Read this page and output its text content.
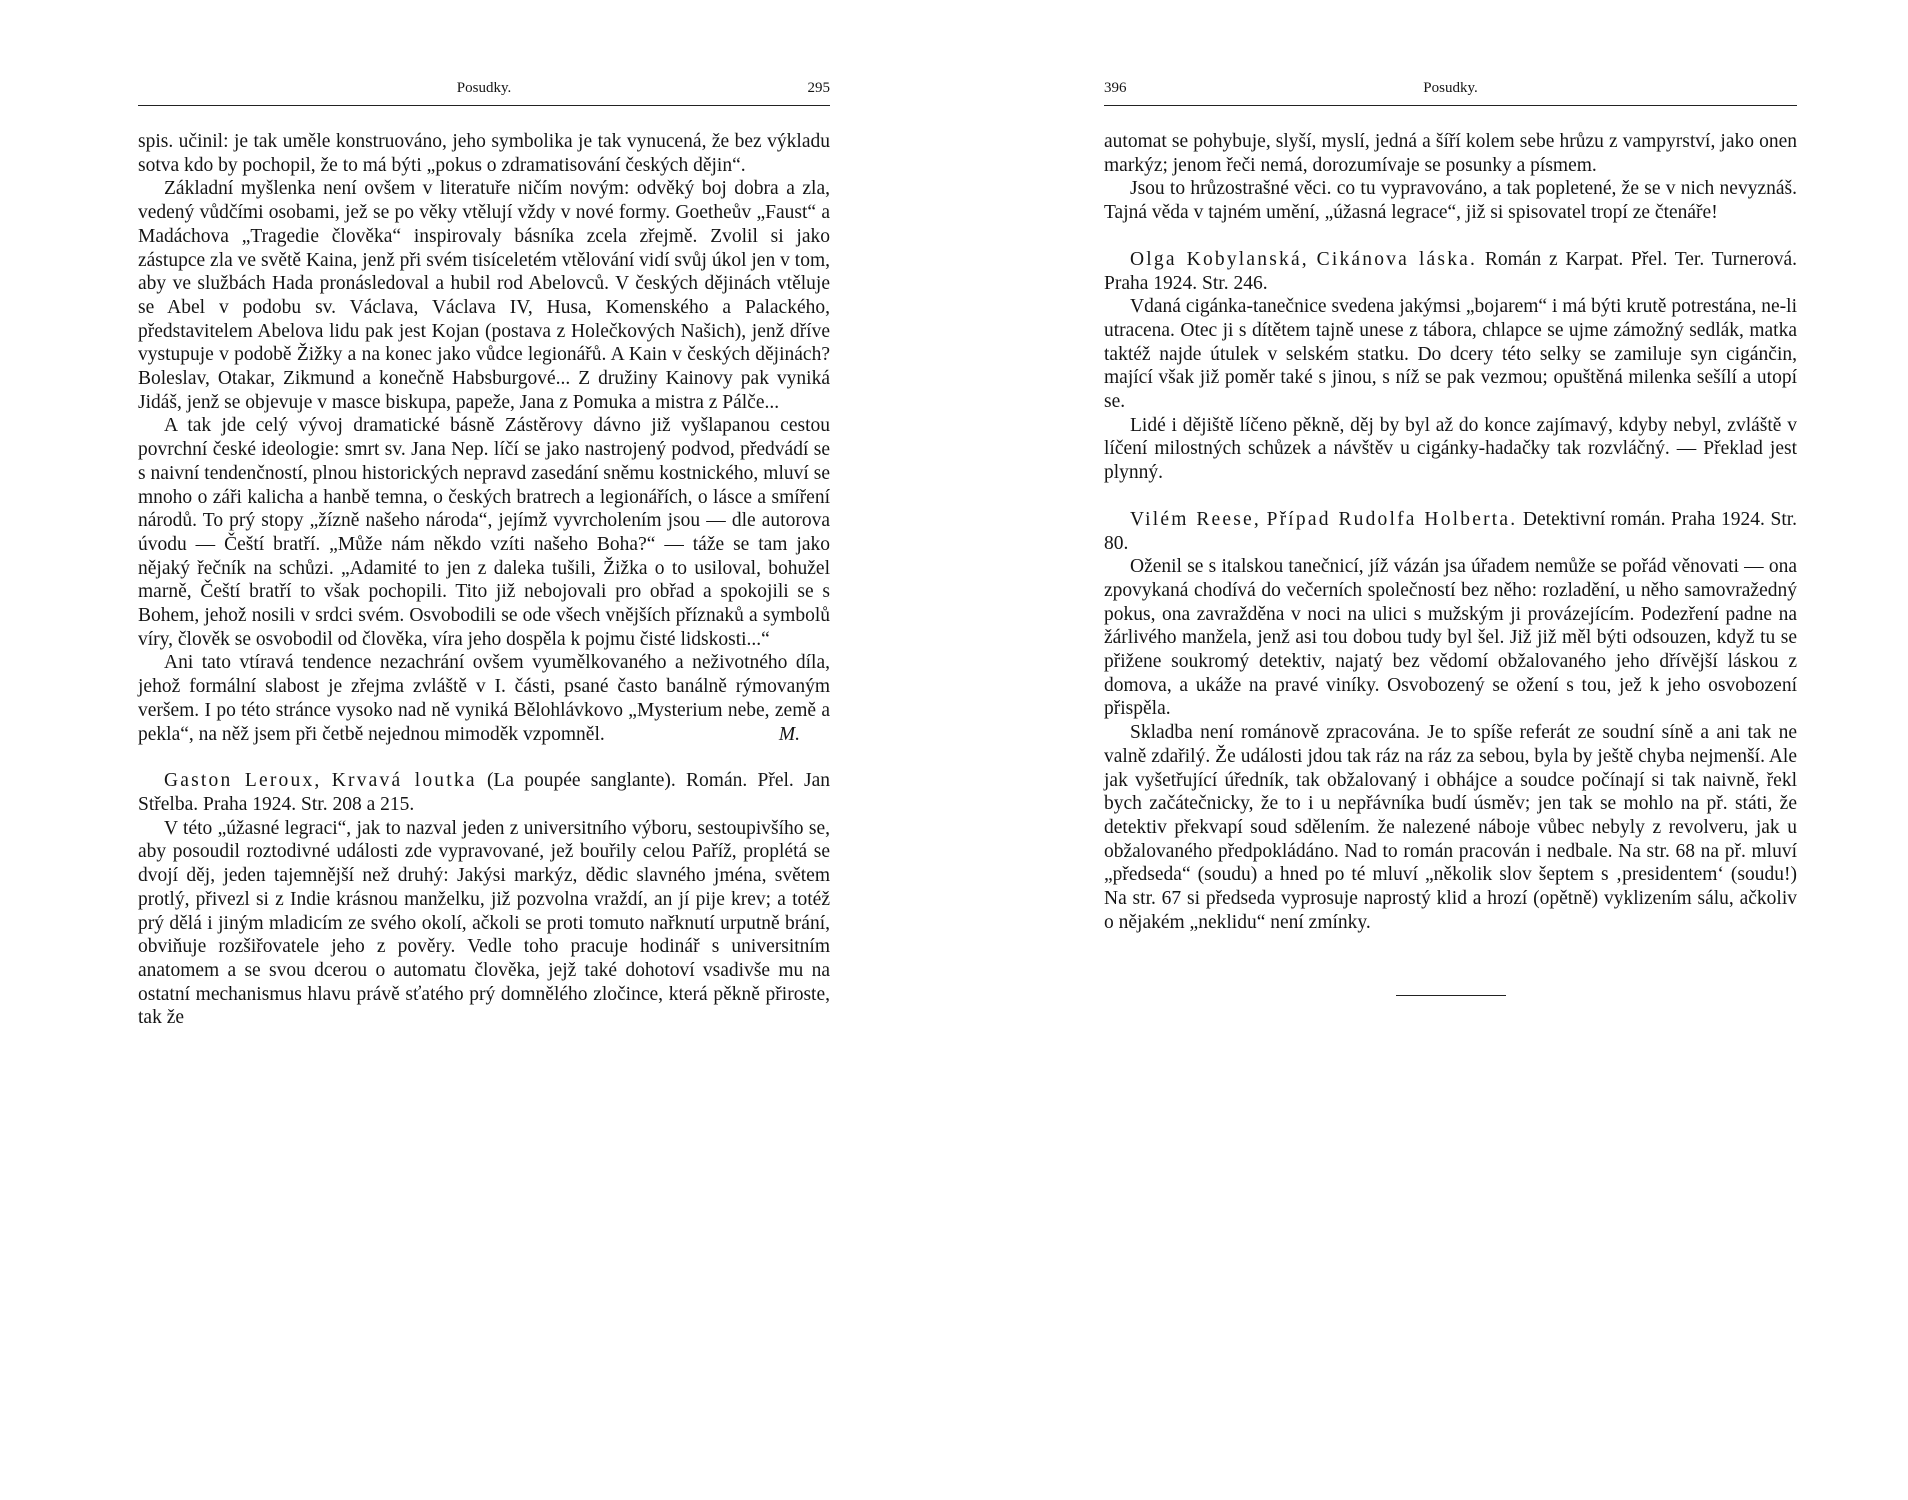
Posudky.	295

spis. učinil: je tak uměle konstruováno, jeho symbolika je tak vynucená, že bez výkladu sotva kdo by pochopil, že to má býti „pokus o zdramatisování českých dějin“.

Základní myšlenka není ovšem v literatuře ničím novým: odvěký boj dobra a zla, vedený vůdčími osobami, jež se po věky vtělují vždy v nové formy. Goetheův „Faust“ a Madáchova „Tragedie člověka“ inspirovaly básníka zcela zřejmě. Zvolil si jako zástupce zla ve světě Kaina, jenž při svém tisíceletém vtělování vidí svůj úkol jen v tom, aby ve službách Hada pronásledoval a hubil rod Abelovců. V českých dějinách vtěluje se Abel v podobu sv. Václava, Václava IV, Husa, Komenského a Palackého, představitelem Abelova lidu pak jest Kojan (postava z Holečkových Našich), jenž dříve vystupuje v podobě Žižky a na konec jako vůdce legionářů. A Kain v českých dějinách? Boleslav, Otakar, Zikmund a konečně Habsburgové... Z družiny Kainovy pak vyniká Jidáš, jenž se objevuje v masce biskupa, papeže, Jana z Pomuka a mistra z Pálče...

A tak jde celý vývoj dramatické básně Zástěrovy dávno již vyšlapanou cestou povrchní české ideologie: smrt sv. Jana Nep. líčí se jako nastrojený podvod, předvádí se s naivní tendenčností, plnou historických nepravd zasedání sněmu kostnického, mluví se mnoho o záři kalicha a hanbě temna, o českých bratrech a legionářích, o lásce a smíření národů. To prý stopy „žízně našeho národa“, jejímž vyvrcholením jsou — dle autorova úvodu — Čeští bratří. „Může nám někdo vzíti našeho Boha?“ — táže se tam jako nějaký řečník na schůzi. „Adamité to jen z daleka tušili, Žižka o to usiloval, bohužel marně, Čeští bratří to však pochopili. Tito již nebojovali pro obřad a spokojili se s Bohem, jehož nosili v srdci svém. Osvobodili se ode všech vnějších příznaků a symbolů víry, člověk se osvobodil od člověka, víra jeho dospěla k pojmu čisté lidskosti...“

Ani tato vtíravá tendence nezachrání ovšem vyumělkovaného a neživotného díla, jehož formální slabost je zřejma zvláště v I. části, psané často banálně rýmovaným veršem. I po této stránce vysoko nad ně vyniká Bělohlávkovo „Mysterium nebe, země a pekla“, na něž jsem při četbě nejednou mimoděk vzpomněl.	M.

Gaston Leroux, Krvavá loutka (La poupée sanglante). Román. Přel. Jan Střelba. Praha 1924. Str. 208 a 215.

V této „úžasné legraci“, jak to nazval jeden z universitního výboru, sestoupivšího se, aby posoudil roztodivné události zde vypravované, jež bouřily celou Paříž, proplétá se dvojí děj, jeden tajemnější než druhý: Jakýsi markýz, dědic slavného jména, světem protlý, přivezl si z Indie krásnou manželku, již pozvolna vraždí, an jí pije krev; a totéž prý dělá i jiným mladicím ze svého okolí, ačkoli se proti tomuto nařknutí urputně brání, obviňuje rozšiřovatele jeho z pověry. Vedle toho pracuje hodinář s universitním anatomem a se svou dcerou o automatu člověka, jejž také dohotoví vsadivše mu na ostatní mechanismus hlavu právě sťatého prý domnělého zločince, která pěkně přiroste, tak že

396	Posudky.

automat se pohybuje, slyší, myslí, jedná a šíří kolem sebe hrůzu z vampyrství, jako onen markýz; jenom řeči nemá, dorozumívaje se posunky a písmem.

Jsou to hrůzostrašné věci. co tu vypravováno, a tak popletené, že se v nich nevyznáš. Tajná věda v tajném umění, „úžasná legrace“, již si spisovatel tropí ze čtenáře!

Olga Kobylanská, Cikánova láska. Román z Karpat. Přel. Ter. Turnerová. Praha 1924. Str. 246.

Vdaná cigánka-tanečnice svedena jakýmsi „bojarem“ i má býti krutě potrestána, ne-li utracena. Otec ji s dítětem tajně unese z tábora, chlapce se ujme zámožný sedlák, matka taktéž najde útulek v selském statku. Do dcery této selky se zamiluje syn cigánčin, mající však již poměr také s jinou, s níž se pak vezmou; opuštěná milenka sešílí a utopí se.

Lidé i dějiště líčeno pěkně, děj by byl až do konce zajímavý, kdyby nebyl, zvláště v líčení milostných schůzek a návštěv u cigánky-hadačky tak rozvláčný. — Překlad jest plynný.

Vilém Reese, Případ Rudolfa Holberta. Detektivní román. Praha 1924. Str. 80.

Oženil se s italskou tanečnicí, jíž vázán jsa úřadem nemůže se pořád věnovati — ona zpovykaná chodívá do večerních společností bez něho: rozladění, u něho samovražedný pokus, ona zavražděna v noci na ulici s mužským ji provázejícím. Podezření padne na žárlivého manžela, jenž asi tou dobou tudy byl šel. Již již měl býti odsouzen, když tu se přižene soukromý detektiv, najatý bez vědomí obžalovaného jeho dřívější láskou z domova, a ukáže na pravé viníky. Osvobozený se ožení s tou, jež k jeho osvobození přispěla.

Skladba není románově zpracována. Je to spíše referát ze soudní síně a ani tak ne valně zdařilý. Že události jdou tak ráz na ráz za sebou, byla by ještě chyba nejmenší. Ale jak vyšetřující úředník, tak obžalovaný i obhájce a soudce počínají si tak naivně, řekl bych začátečnicky, že to i u nepřávníka budí úsměv; jen tak se mohlo na př. státi, že detektiv překvapí soud sdělením. že nalezené náboje vůbec nebyly z revolveru, jak u obžalovaného předpokládáno. Nad to román pracován i nedbale. Na str. 68 na př. mluví „předseda“ (soudu) a hned po té mluví „několik slov šeptem s ‚presidentem‘ (soudu!) Na str. 67 si předseda vyprosuje naprostý klid a hrozí (opětně) vyklizením sálu, ačkoliv o nějakém „neklidu“ není zmínky.
